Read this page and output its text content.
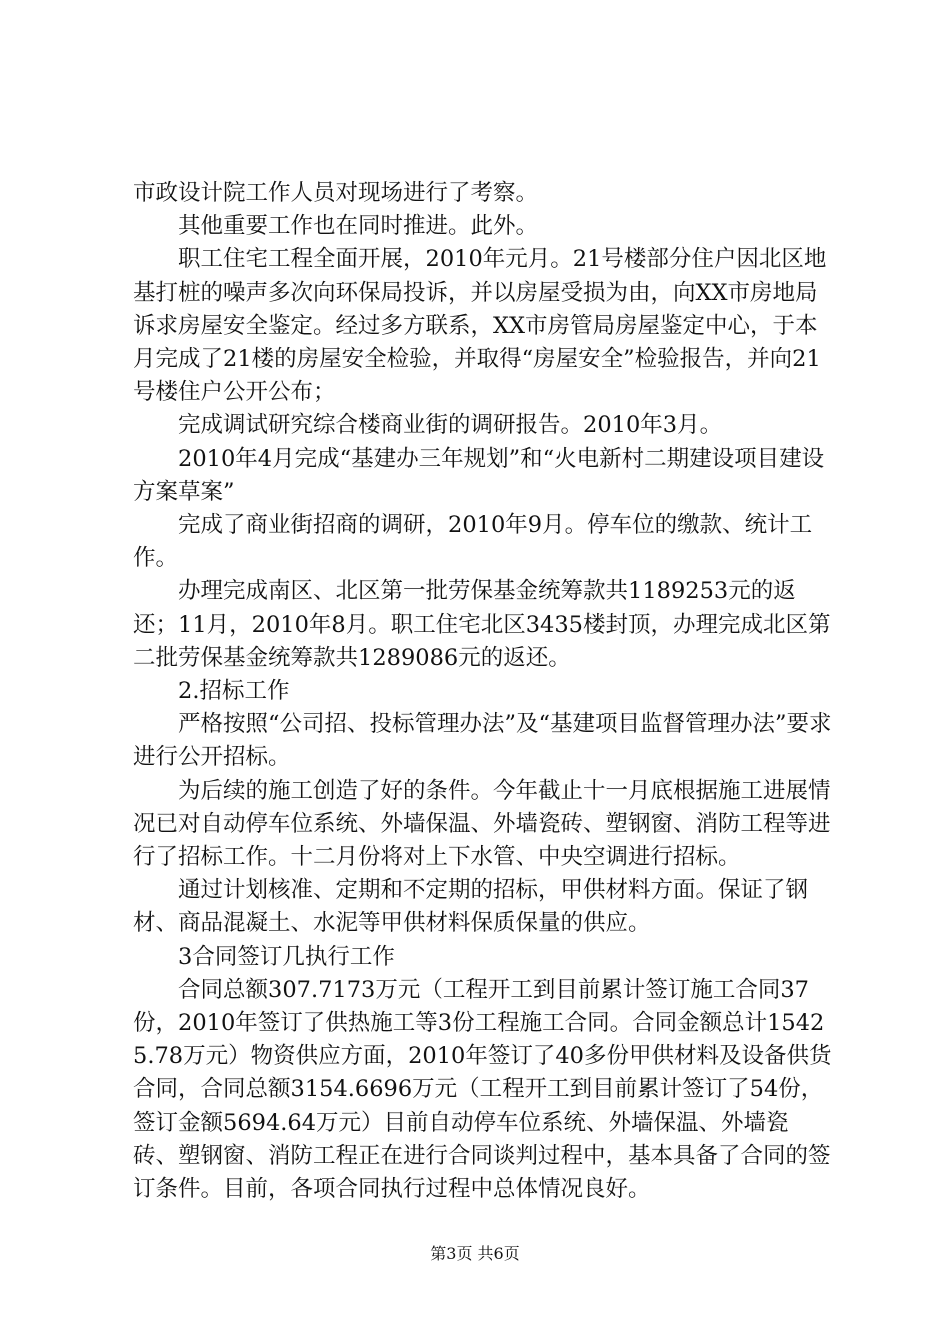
市政设计院工作人员对现场进行了考察。

其他重要工作也在同时推进。此外。

职工住宅工程全面开展，2010年元月。21号楼部分住户因北区地基打桩的噪声多次向环保局投诉，并以房屋受损为由，向XX市房地局诉求房屋安全鉴定。经过多方联系，XX市房管局房屋鉴定中心，于本月完成了21楼的房屋安全检验，并取得“房屋安全”检验报告，并向21号楼住户公开公布；

完成调试研究综合楼商业街的调研报告。2010年3月。

2010年4月完成“基建办三年规划”和“火电新村二期建设项目建设方案草案”

完成了商业街招商的调研，2010年9月。停车位的缴款、统计工作。

办理完成南区、北区第一批劳保基金统筹款共1189253元的返还；11月，2010年8月。职工住宅北区3435楼封顶，办理完成北区第二批劳保基金统筹款共1289086元的返还。

2.招标工作

严格按照“公司招、投标管理办法”及“基建项目监督管理办法”要求进行公开招标。

为后续的施工创造了好的条件。今年截止十一月底根据施工进展情况已对自动停车位系统、外墙保温、外墙瓷砖、塑钢窗、消防工程等进行了招标工作。十二月份将对上下水管、中央空调进行招标。

通过计划核准、定期和不定期的招标，甲供材料方面。保证了钢材、商品混凝土、水泥等甲供材料保质保量的供应。

3合同签订几执行工作

合同总额307.7173万元（工程开工到目前累计签订施工合同37份，2010年签订了供热施工等3份工程施工合同。合同金额总计15425.78万元）物资供应方面，2010年签订了40多份甲供材料及设备供货合同，合同总额3154.6696万元（工程开工到目前累计签订了54份，签订金额5694.64万元）目前自动停车位系统、外墙保温、外墙瓷砖、塑钢窗、消防工程正在进行合同谈判过程中，基本具备了合同的签订条件。目前，各项合同执行过程中总体情况良好。

第3页 共6页
